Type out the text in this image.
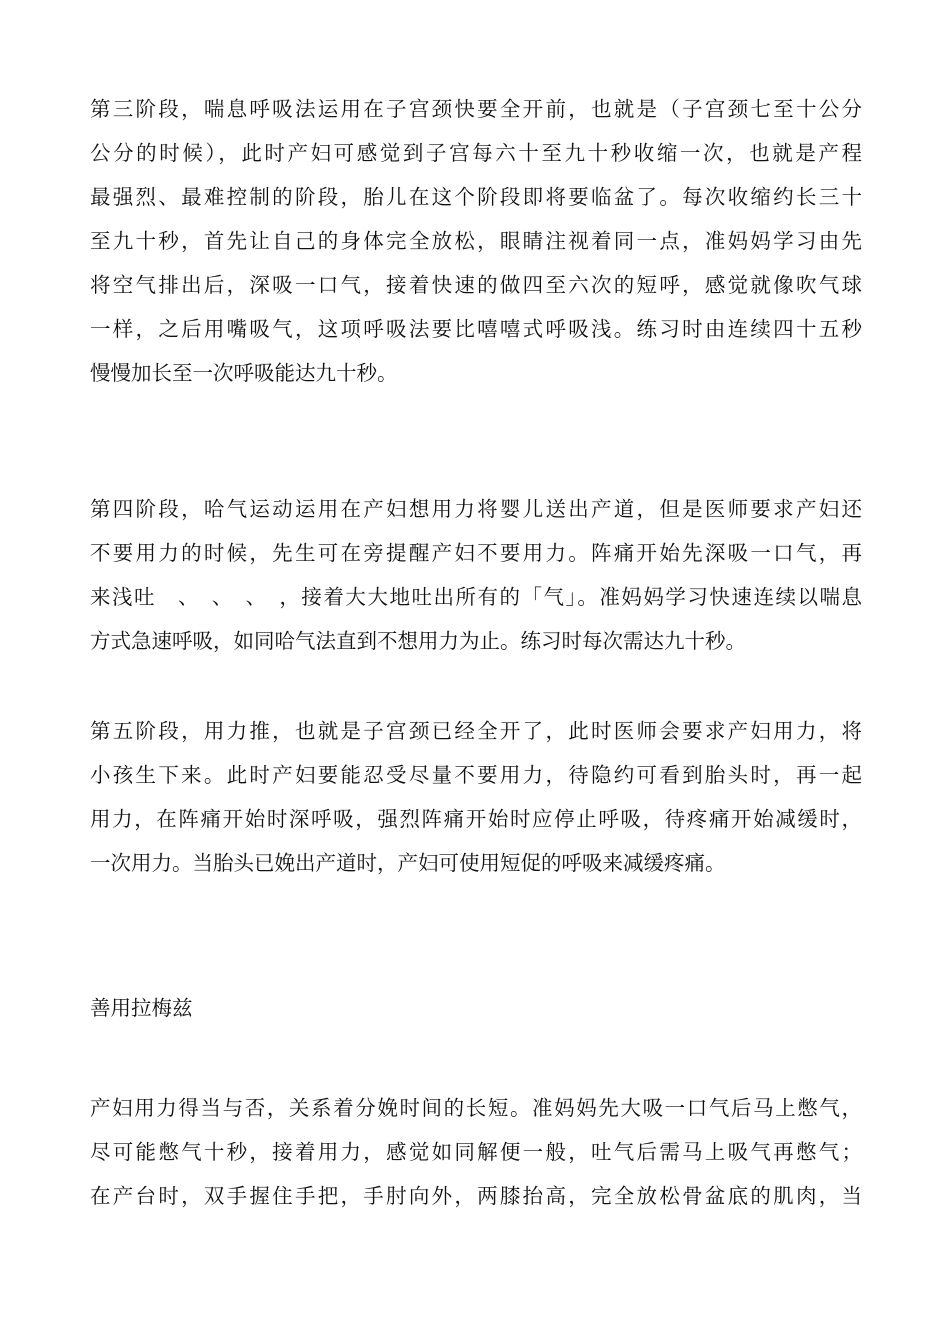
第三阶段，喘息呼吸法运用在子宫颈快要全开前，也就是（子宫颈七至十公分
公分的时候），此时产妇可感觉到子宫每六十至九十秒收缩一次，也就是产程
最强烈、最难控制的阶段，胎儿在这个阶段即将要临盆了。每次收缩约长三十
至九十秒，首先让自己的身体完全放松，眼睛注视着同一点，准妈妈学习由先
将空气排出后，深吸一口气，接着快速的做四至六次的短呼，感觉就像吹气球
一样，之后用嘴吸气，这项呼吸法要比嘻嘻式呼吸浅。练习时由连续四十五秒
慢慢加长至一次呼吸能达九十秒。
第四阶段，哈气运动运用在产妇想用力将婴儿送出产道，但是医师要求产妇还
不要用力的时候，先生可在旁提醒产妇不要用力。阵痛开始先深吸一口气，再
来浅吐　、　、　、　，接着大大地吐出所有的「气」。准妈妈学习快速连续以喘息
方式急速呼吸，如同哈气法直到不想用力为止。练习时每次需达九十秒。
第五阶段，用力推，也就是子宫颈已经全开了，此时医师会要求产妇用力，将
小孩生下来。此时产妇要能忍受尽量不要用力，待隐约可看到胎头时，再一起
用力，在阵痛开始时深呼吸，强烈阵痛开始时应停止呼吸，待疼痛开始减缓时，
一次用力。当胎头已娩出产道时，产妇可使用短促的呼吸来减缓疼痛。
善用拉梅兹
产妇用力得当与否，关系着分娩时间的长短。准妈妈先大吸一口气后马上憋气，
尽可能憋气十秒，接着用力，感觉如同解便一般，吐气后需马上吸气再憋气；
在产台时，双手握住手把，手肘向外，两膝抬高，完全放松骨盆底的肌肉，当
